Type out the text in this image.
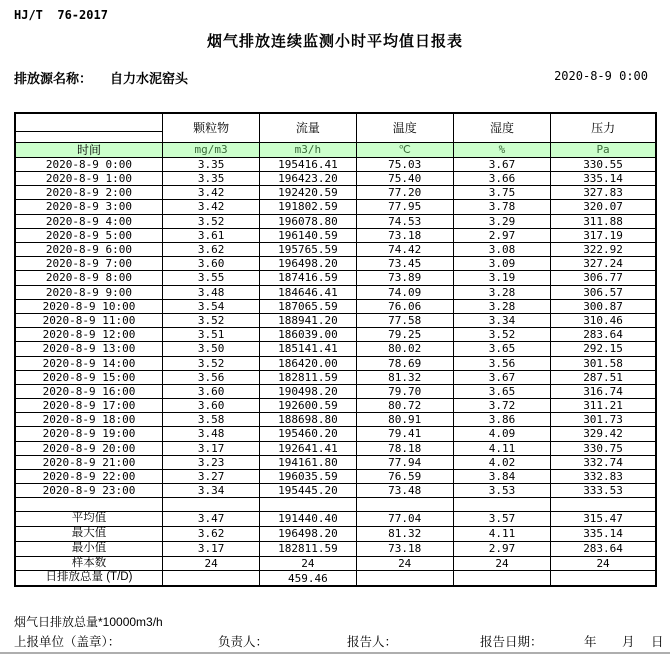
HJ/T  76-2017
烟气排放连续监测小时平均值日报表
排放源名称： 自力水泥窑头	2020-8-9 0:00
	颗粒物	流量	温度	湿度	压力

时间	mg/m3	m3/h	℃	%	Pa
2020-8-9 0:00	3.35	195416.41	75.03	3.67	330.55
2020-8-9 1:00	3.35	196423.20	75.40	3.66	335.14
2020-8-9 2:00	3.42	192420.59	77.20	3.75	327.83
2020-8-9 3:00	3.42	191802.59	77.95	3.78	320.07
2020-8-9 4:00	3.52	196078.80	74.53	3.29	311.88
2020-8-9 5:00	3.61	196140.59	73.18	2.97	317.19
2020-8-9 6:00	3.62	195765.59	74.42	3.08	322.92
2020-8-9 7:00	3.60	196498.20	73.45	3.09	327.24
2020-8-9 8:00	3.55	187416.59	73.89	3.19	306.77
2020-8-9 9:00	3.48	184646.41	74.09	3.28	306.57
2020-8-9 10:00	3.54	187065.59	76.06	3.28	300.87
2020-8-9 11:00	3.52	188941.20	77.58	3.34	310.46
2020-8-9 12:00	3.51	186039.00	79.25	3.52	283.64
2020-8-9 13:00	3.50	185141.41	80.02	3.65	292.15
2020-8-9 14:00	3.52	186420.00	78.69	3.56	301.58
2020-8-9 15:00	3.56	182811.59	81.32	3.67	287.51
2020-8-9 16:00	3.60	190498.20	79.70	3.65	316.74
2020-8-9 17:00	3.60	192600.59	80.72	3.72	311.21
2020-8-9 18:00	3.58	188698.80	80.91	3.86	301.73
2020-8-9 19:00	3.48	195460.20	79.41	4.09	329.42
2020-8-9 20:00	3.17	192641.41	78.18	4.11	330.75
2020-8-9 21:00	3.23	194161.80	77.94	4.02	332.74
2020-8-9 22:00	3.27	196035.59	76.59	3.84	332.83
2020-8-9 23:00	3.34	195445.20	73.48	3.53	333.53

平均值	3.47	191440.40	77.04	3.57	315.47
最大值	3.62	196498.20	81.32	4.11	335.14
最小值	3.17	182811.59	73.18	2.97	283.64
样本数	24	24	24	24	24
日排放总量 (T/D)		459.46			
烟气日排放总量*10000m3/h
上报单位（盖章）：	负责人：	报告人：	报告日期：	年 月 日
